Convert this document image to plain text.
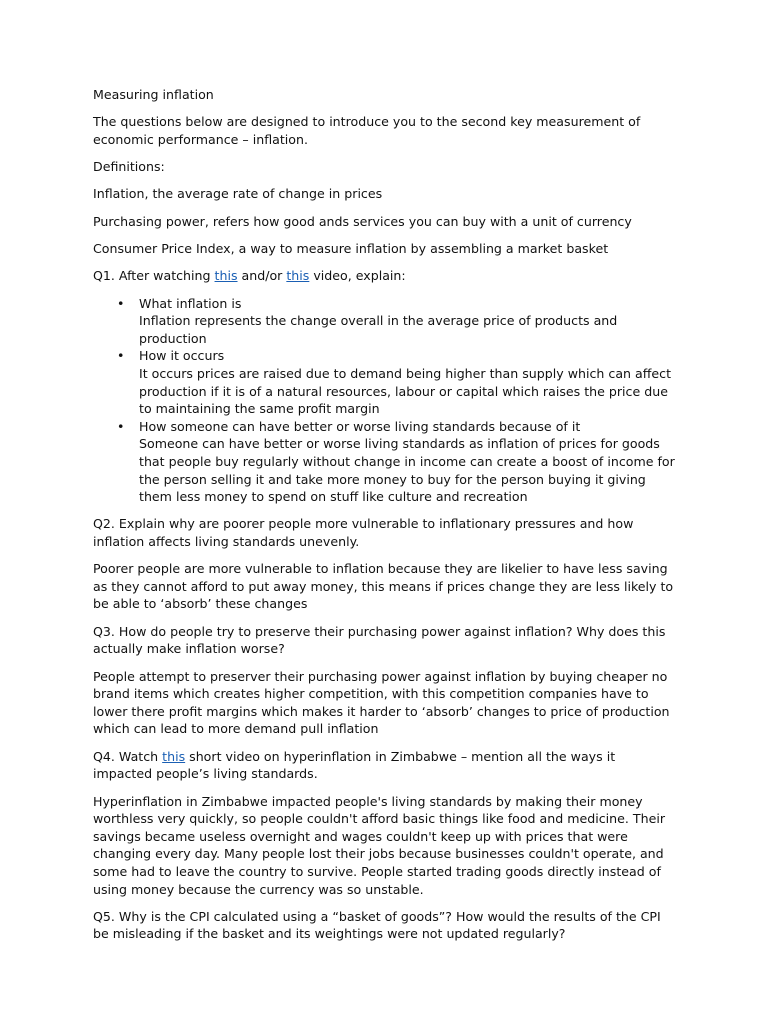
Measuring inflation

The questions below are designed to introduce you to the second key measurement of economic performance – inflation.

Definitions:

Inflation, the average rate of change in prices

Purchasing power, refers how good ands services you can buy with a unit of currency

Consumer Price Index, a way to measure inflation by assembling a market basket

Q1. After watching this and/or this video, explain:

• What inflation is
Inflation represents the change overall in the average price of products and production
• How it occurs
It occurs prices are raised due to demand being higher than supply which can affect production if it is of a natural resources, labour or capital which raises the price due to maintaining the same profit margin
• How someone can have better or worse living standards because of it
Someone can have better or worse living standards as inflation of prices for goods that people buy regularly without change in income can create a boost of income for the person selling it and take more money to buy for the person buying it giving them less money to spend on stuff like culture and recreation

Q2. Explain why are poorer people more vulnerable to inflationary pressures and how inflation affects living standards unevenly.

Poorer people are more vulnerable to inflation because they are likelier to have less saving as they cannot afford to put away money, this means if prices change they are less likely to be able to ‘absorb’ these changes

Q3. How do people try to preserve their purchasing power against inflation? Why does this actually make inflation worse?

People attempt to preserver their purchasing power against inflation by buying cheaper no brand items which creates higher competition, with this competition companies have to lower there profit margins which makes it harder to ‘absorb’ changes to price of production which can lead to more demand pull inflation

Q4. Watch this short video on hyperinflation in Zimbabwe – mention all the ways it impacted people’s living standards.

Hyperinflation in Zimbabwe impacted people's living standards by making their money worthless very quickly, so people couldn't afford basic things like food and medicine. Their savings became useless overnight and wages couldn't keep up with prices that were changing every day. Many people lost their jobs because businesses couldn't operate, and some had to leave the country to survive. People started trading goods directly instead of using money because the currency was so unstable.

Q5. Why is the CPI calculated using a “basket of goods”? How would the results of the CPI be misleading if the basket and its weightings were not updated regularly?
